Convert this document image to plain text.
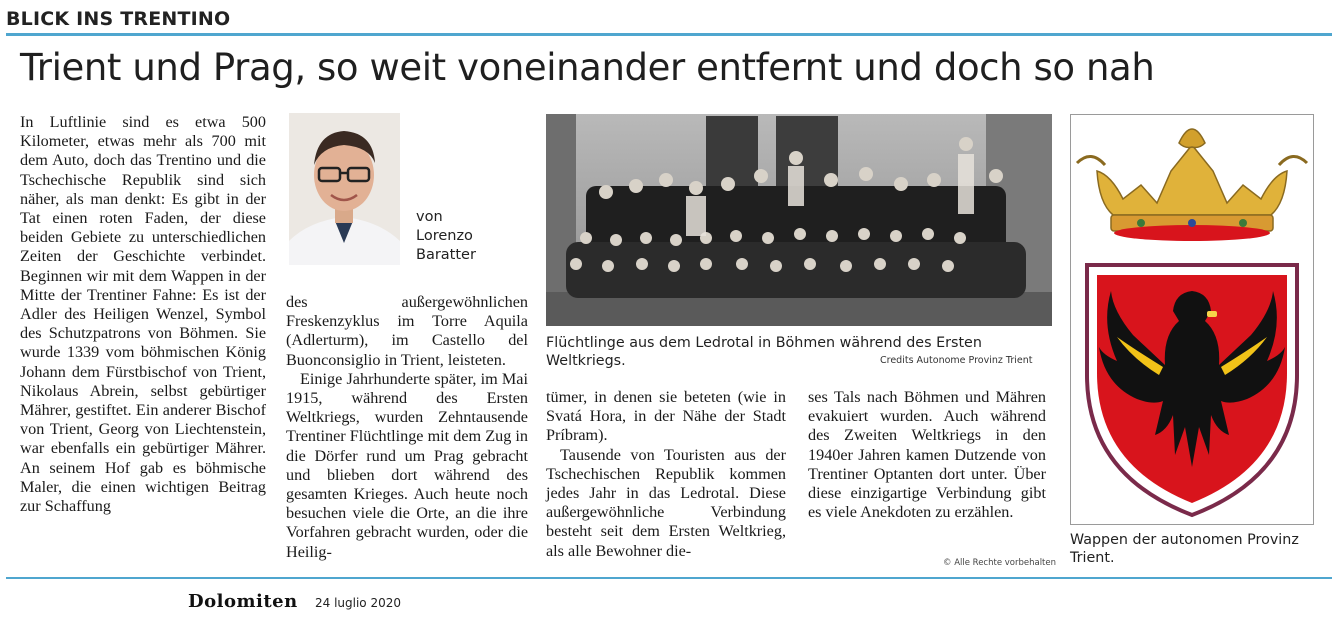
BLICK INS TRENTINO
Trient und Prag, so weit voneinander entfernt und doch so nah

In Luftlinie sind es etwa 500 Kilometer, etwas mehr als 700 mit dem Auto, doch das Trentino und die Tschechische Republik sind sich näher, als man denkt: Es gibt in der Tat einen roten Faden, der diese beiden Gebiete zu unterschiedlichen Zeiten der Geschichte verbindet. Beginnen wir mit dem Wappen in der Mitte der Trentiner Fahne: Es ist der Adler des Heiligen Wenzel, Symbol des Schutzpatrons von Böhmen. Sie wurde 1339 vom böhmischen König Johann dem Fürstbischof von Trient, Nikolaus Abrein, selbst gebürtiger Mährer, gestiftet. Ein anderer Bischof von Trient, Georg von Liechtenstein, war ebenfalls ein gebürtiger Mährer. An seinem Hof gab es böhmische Maler, die einen wichtigen Beitrag zur Schaffung

von
Lorenzo
Baratter

des außergewöhnlichen Freskenzyklus im Torre Aquila (Adlerturm), im Castello del Buonconsiglio in Trient, leisteten.

Einige Jahrhunderte später, im Mai 1915, während des Ersten Weltkriegs, wurden Zehntausende Trentiner Flüchtlinge mit dem Zug in die Dörfer rund um Prag gebracht und blieben dort während des gesamten Krieges. Auch heute noch besuchen viele die Orte, an die ihre Vorfahren gebracht wurden, oder die Heilig-

Flüchtlinge aus dem Ledrotal in Böhmen während des Ersten Weltkriegs.	Credits Autonome Provinz Trient

tümer, in denen sie beteten (wie in Svatá Hora, in der Nähe der Stadt Príbram).

Tausende von Touristen aus der Tschechischen Republik kommen jedes Jahr in das Ledrotal. Diese außergewöhnliche Verbindung besteht seit dem Ersten Weltkrieg, als alle Bewohner die-

ses Tals nach Böhmen und Mähren evakuiert wurden. Auch während des Zweiten Weltkriegs in den 1940er Jahren kamen Dutzende von Trentiner Optanten dort unter. Über diese einzigartige Verbindung gibt es viele Anekdoten zu erzählen.

© Alle Rechte vorbehalten
Wappen der autonomen Provinz Trient.
Dolomiten 24 luglio 2020
